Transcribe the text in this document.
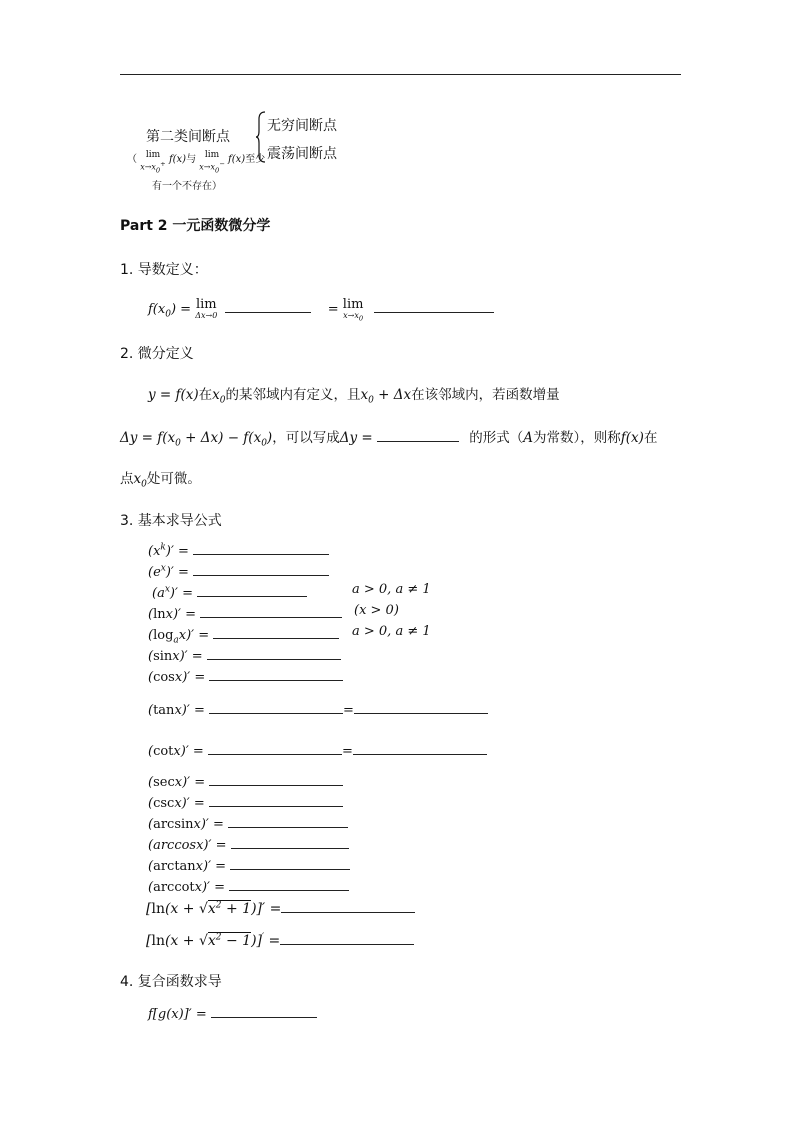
第二类间断点
无穷间断点
震荡间断点
（ lim
$x\to x_0^+$ f(x)与 lim
$x\to x_0^-$ f(x)至少
有一个不存在）
Part 2 一元函数微分学
1. 导数定义：
$f(x_0) = \lim$
Δx→0	= lim
$x\to x_0$

2. 微分定义
y = f(x)在$x_0$的某邻域内有定义，且$x_0 + \Delta x$在该邻域内，若函数增量
$\Delta y = f(x_0 + \Delta x) - f(x_0)$，可以写成Δy =	的形式（A为常数），则称f(x)在
点$x_0$处可微。
3. 基本求导公式
$(x^k)'$ =
$(e^x)'$ =
$(a^x)'$ =	a > 0, a ≠ 1
(lnx)′ =	(x > 0)
$(\log_ax)'$ =	a > 0, a ≠ 1
(sinx)′ =
(cosx)′ =
(tanx)′ =	=
(cotx)′ =	=
(secx)′ =
(cscx)′ =
(arcsinx)′ =
(arccosx)′ =
(arctanx)′ =
(arccotx)′ =
$[\ln(x + √x^2 + 1)]'$ =
$[\ln(x + √x^2 - 1)]'$ =
4. 复合函数求导
f[g(x)]′ =
